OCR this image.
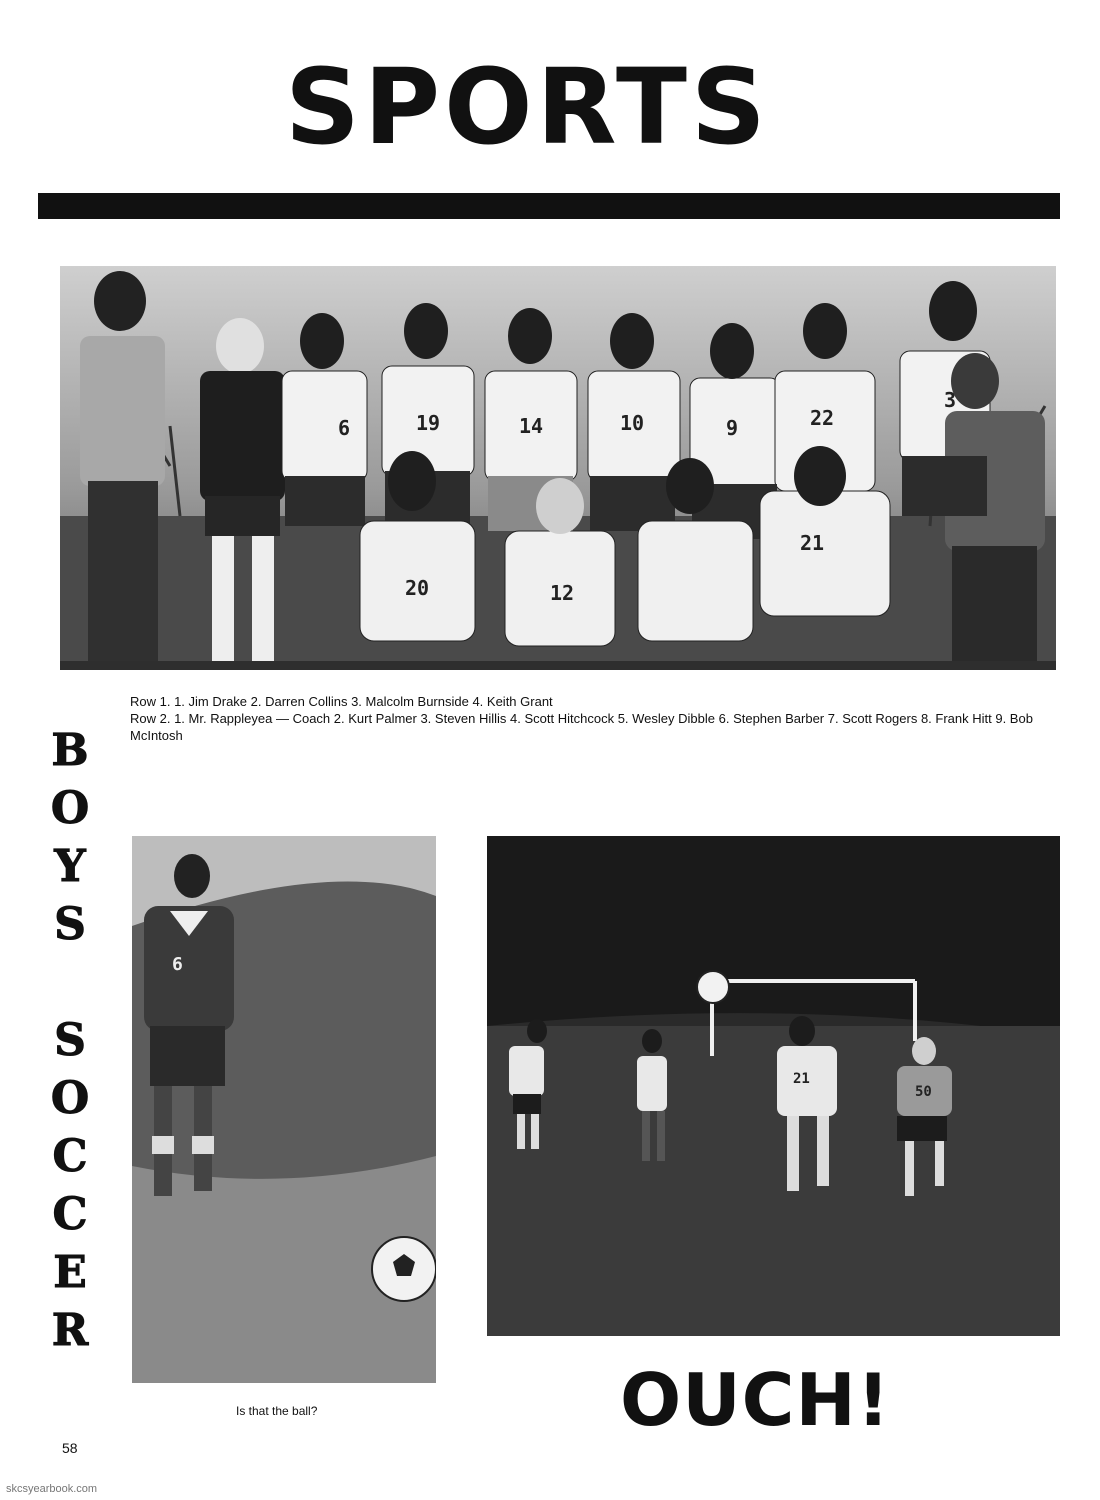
SPORTS
6	19	14	10	9	22
3
20	12
21
Row 1. 1. Jim Drake 2. Darren Collins 3. Malcolm Burnside 4. Keith Grant
Row 2. 1. Mr. Rappleyea — Coach 2. Kurt Palmer 3. Steven Hillis 4. Scott Hitchcock 5. Wesley Dibble 6. Stephen Barber 7. Scott Rogers 8. Frank Hitt 9. Bob McIntosh
B
O
Y
S
S
O
C
C
E
R
6
21
50
Is that the ball?	OUCH!
58
skcsyearbook.com
